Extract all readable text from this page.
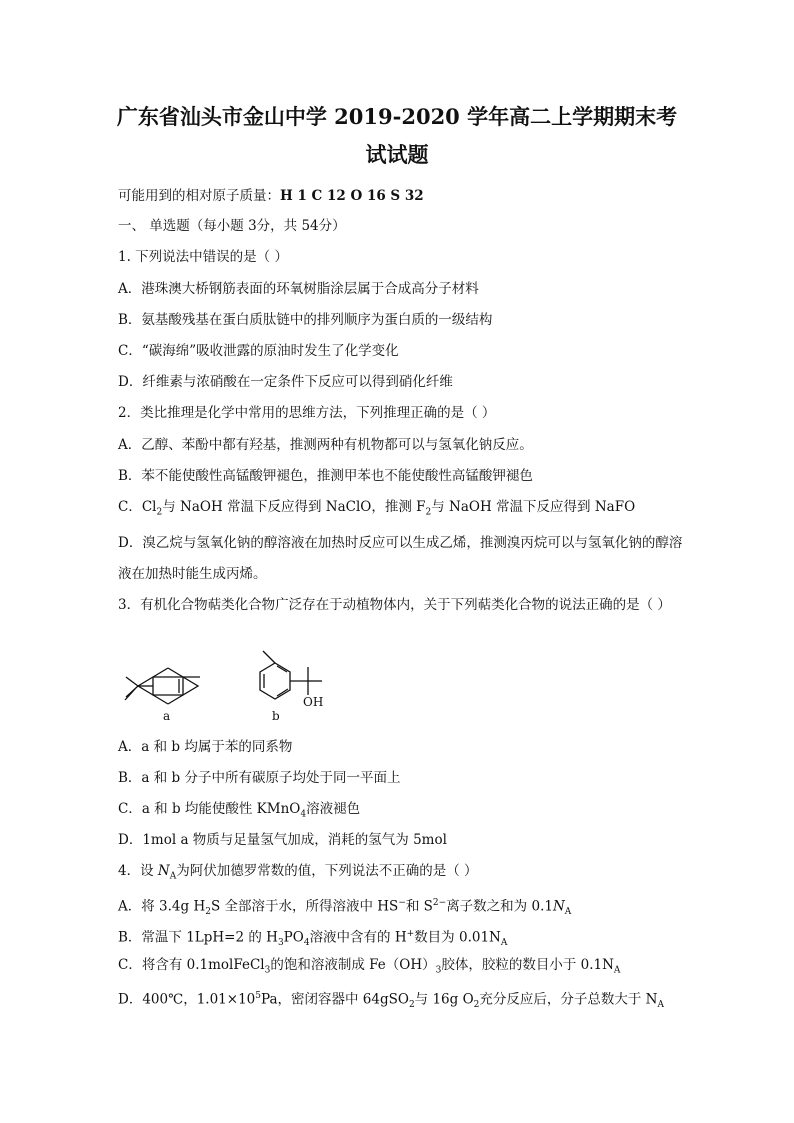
广东省汕头市金山中学 2019-2020 学年高二上学期期末考试试题
可能用到的相对原子质量：H 1 C 12 O 16 S 32
一、 单选题（每小题 3分，共 54分）
1. 下列说法中错误的是（ ）
A．港珠澳大桥钢筋表面的环氧树脂涂层属于合成高分子材料
B．氨基酸残基在蛋白质肽链中的排列顺序为蛋白质的一级结构
C．“碳海绵”吸收泄露的原油时发生了化学变化
D．纤维素与浓硝酸在一定条件下反应可以得到硝化纤维
2．类比推理是化学中常用的思维方法，下列推理正确的是（ ）
A．乙醇、苯酚中都有羟基，推测两种有机物都可以与氢氧化钠反应。
B．苯不能使酸性高锰酸钾褪色，推测甲苯也不能使酸性高锰酸钾褪色
C．$Cl_2$与 NaOH 常温下反应得到 NaClO，推测 $F_2$与 NaOH 常温下反应得到 NaFO
D．溴乙烷与氢氧化钠的醇溶液在加热时反应可以生成乙烯，推测溴丙烷可以与氢氧化钠的醇溶液在加热时能生成丙烯。
3．有机化合物萜类化合物广泛存在于动植物体内，关于下列萜类化合物的说法正确的是（ ）
a
OH
b
A．a 和 b 均属于苯的同系物
B．a 和 b 分子中所有碳原子均处于同一平面上
C．a 和 b 均能使酸性 KMnO$_4$溶液褪色
D．1mol a 物质与足量氢气加成，消耗的氢气为 5mol
4．设 $N_A$为阿伏加德罗常数的值，下列说法不正确的是（ ）
A．将 3.4g $H_2S$ 全部溶于水，所得溶液中 HS−和 $S^{2-}$离子数之和为 $0.1N_A$
B．常温下 1LpH=2 的 $H_3PO_4$溶液中含有的 H+数目为 $0.01N_A$
C．将含有 0.1molFeCl$_3$的饱和溶液制成 $Fe(OH)_3$胶体，胶粒的数目小于 $0.1N_A$
D．400℃，$1.01\times 10^5Pa$，密闭容器中 64gSO$_2$与 16g $O_2$充分反应后，分子总数大于 $N_A$
